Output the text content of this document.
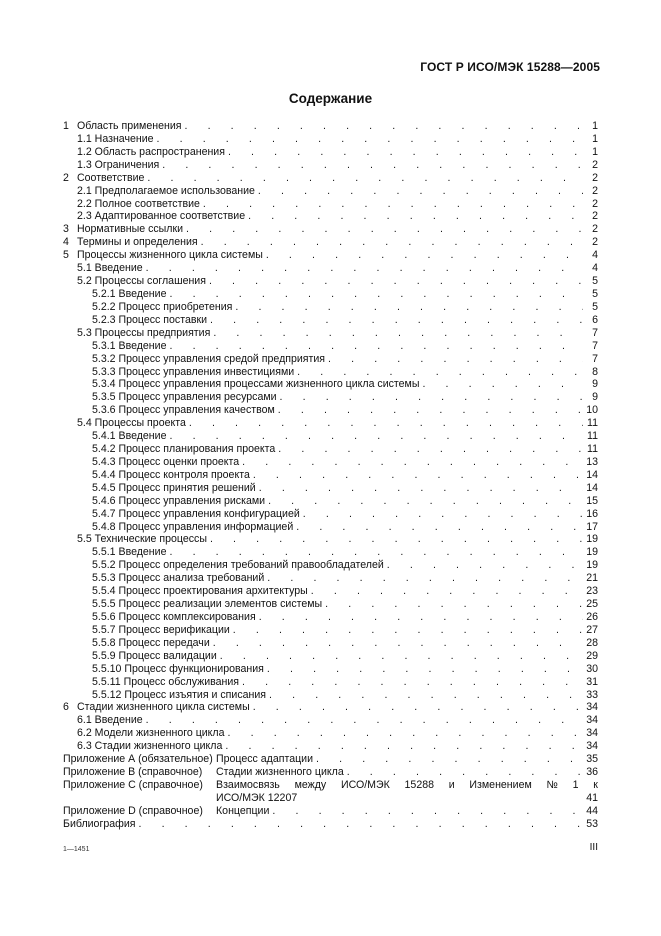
ГОСТ Р ИСО/МЭК 15288—2005
Содержание
1 Область применения . . .	1
1.1 Назначение . . .	1
1.2 Область распространения . . .	1
1.3 Ограничения . . .	2
2 Соответствие . . .	2
2.1 Предполагаемое использование . . .	2
2.2 Полное соответствие . . .	2
2.3 Адаптированное соответствие . . .	2
3 Нормативные ссылки . . .	2
4 Термины и определения . . .	2
5 Процессы жизненного цикла системы . . .	4
5.1 Введение . . .	4
5.2 Процессы соглашения . . .	5
5.2.1 Введение . . .	5
5.2.2 Процесс приобретения . . .	5
5.2.3 Процесс поставки . . .	6
5.3 Процессы предприятия . . .	7
5.3.1 Введение . . .	7
5.3.2 Процесс управления средой предприятия . . .	7
5.3.3 Процесс управления инвестициями . . .	8
5.3.4 Процесс управления процессами жизненного цикла системы . . .	9
5.3.5 Процесс управления ресурсами . . .	9
5.3.6 Процесс управления качеством . . .	10
5.4 Процессы проекта . . .	11
5.4.1 Введение . . .	11
5.4.2 Процесс планирования проекта . . .	11
5.4.3 Процесс оценки проекта . . .	13
5.4.4 Процесс контроля проекта . . .	14
5.4.5 Процесс принятия решений . . .	14
5.4.6 Процесс управления рисками . . .	15
5.4.7 Процесс управления конфигурацией . . .	16
5.4.8 Процесс управления информацией . . .	17
5.5 Технические процессы . . .	19
5.5.1 Введение . . .	19
5.5.2 Процесс определения требований правообладателей . . .	19
5.5.3 Процесс анализа требований . . .	21
5.5.4 Процесс проектирования архитектуры . . .	23
5.5.5 Процесс реализации элементов системы . . .	25
5.5.6 Процесс комплексирования . . .	26
5.5.7 Процесс верификации . . .	27
5.5.8 Процесс передачи . . .	28
5.5.9 Процесс валидации . . .	29
5.5.10 Процесс функционирования . . .	30
5.5.11 Процесс обслуживания . . .	31
5.5.12 Процесс изъятия и списания . . .	33
6 Стадии жизненного цикла системы . . .	34
6.1 Введение . . .	34
6.2 Модели жизненного цикла . . .	34
6.3 Стадии жизненного цикла . . .	34
Приложение А (обязательное) Процесс адаптации . . .	35
Приложение В (справочное)	Стадии жизненного цикла . . .	36
Приложение С (справочное)	Взаимосвязь между ИСО/МЭК 15288 и Изменением № 1 к
ИСО/МЭК 12207	41
Приложение D (справочное)	Концепции . . .	44
Библиография . . .	53
1—1451	III
